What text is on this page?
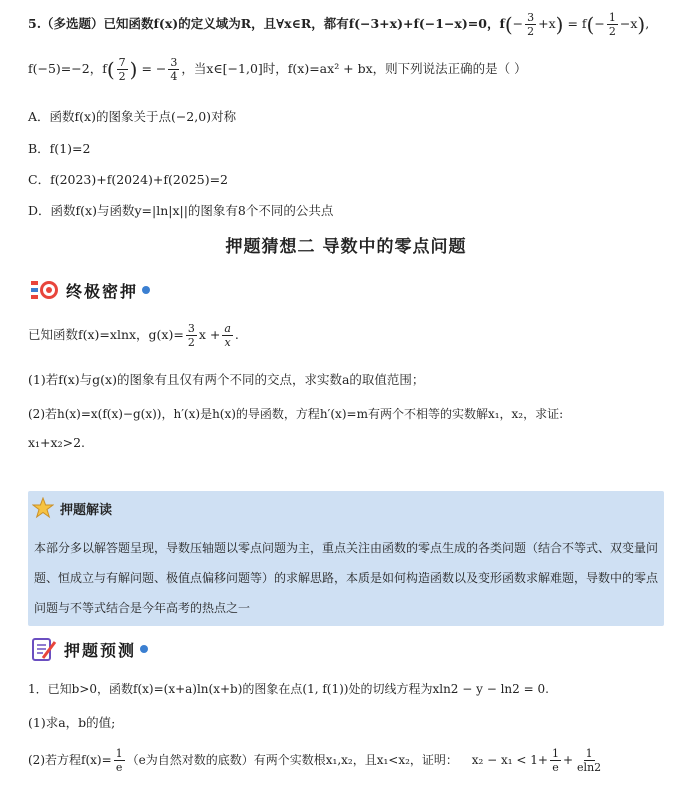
5.（多选题）已知函数f(x)的定义域为R，且∀x∈R，都有f(−3+x)+f(−1−x)=0，$f(- \frac{3}{2} +x) = f(- \frac{1}{2} -x)$,
f(−5)=−2，$f( \frac{7}{2}$ ) = − $\frac{3}{4}$ ，当x∈[−1,0]时，f(x)=ax² + bx，则下列说法正确的是（ ）
A．函数f(x)的图象关于点(−2,0)对称
B．f(1)=2
C．f(2023)+f(2024)+f(2025)=2
D．函数f(x)与函数y=|ln|x||的图象有8个不同的公共点
押题猜想二 导数中的零点问题
终极密押
已知函数f(x)=xlnx，$g(x)= \frac{3}{2}$ $x + \frac{a}{x}$ .
(1)若f(x)与g(x)的图象有且仅有两个不同的交点，求实数a的取值范围；
(2)若h(x)=x(f(x)−g(x))，h′(x)是h(x)的导函数，方程h′(x)=m有两个不相等的实数解x₁，x₂，求证:
x₁+x₂>2.
押题解读
本部分多以解答题呈现，导数压轴题以零点问题为主，重点关注由函数的零点生成的各类问题（结合不等式、双变量问题、恒成立与有解问题、极值点偏移问题等）的求解思路，本质是如何构造函数以及变形函数求解难题，导数中的零点问题与不等式结合是今年高考的热点之一
押题预测
1．已知b>0，函数f(x)=(x+a)ln(x+b)的图象在点(1, f(1))处的切线方程为xln2 − y − ln2 = 0.
(1)求a，b的值;
(2)若方程$f(x)= \frac{1}{e} (e$为自然对数的底数）有两个实数根x₁,x₂，且x₁<x₂，证明： $x_2 - x_1 < 1+ \frac{1}{e} + \frac{1}{eln2}$
